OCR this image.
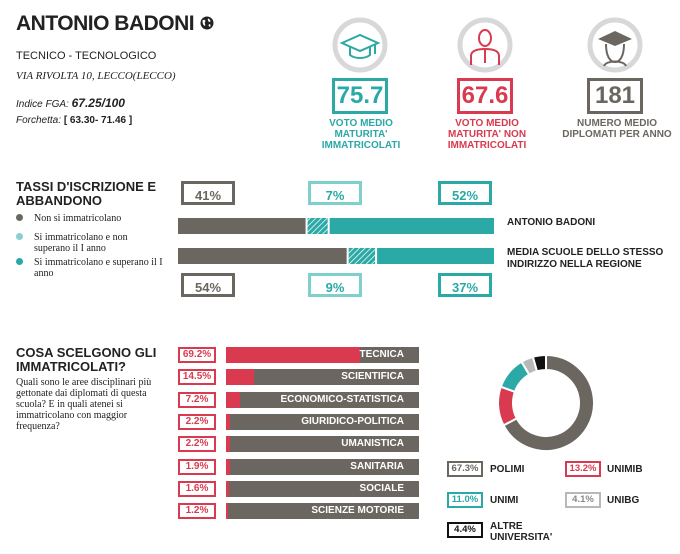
ANTONIO BADONI
TECNICO - TECNOLOGICO
VIA RIVOLTA 10, LECCO(LECCO)
Indice FGA: 67.25/100
Forchetta: [ 63.30- 71.46 ]
75.7
VOTO MEDIO MATURITA' IMMATRICOLATI
67.6
VOTO MEDIO MATURITA' NON IMMATRICOLATI
181
NUMERO MEDIO DIPLOMATI PER ANNO
TASSI D'ISCRIZIONE E ABBANDONO
Non si immatricolano
Si immatricolano e non superano il I anno
Si immatricolano e superano il I anno
41%	7%	52%
ANTONIO BADONI
MEDIA SCUOLE DELLO STESSO INDIRIZZO NELLA REGIONE
54%	9%	37%
COSA SCELGONO GLI IMMATRICOLATI?
Quali sono le aree disciplinari più gettonate dai diplomati di questa scuola? E in quali atenei si immatricolano con maggior frequenza?
69.2%	TECNICA
14.5%	SCIENTIFICA
7.2%	ECONOMICO-STATISTICA
2.2%	GIURIDICO-POLITICA
2.2%	UMANISTICA
1.9%	SANITARIA
1.6%	SOCIALE
1.2%	SCIENZE MOTORIE
67.3%	POLIMI	13.2%	UNIMIB
11.0%	UNIMI	4.1%	UNIBG
4.4%	ALTRE UNIVERSITA'
